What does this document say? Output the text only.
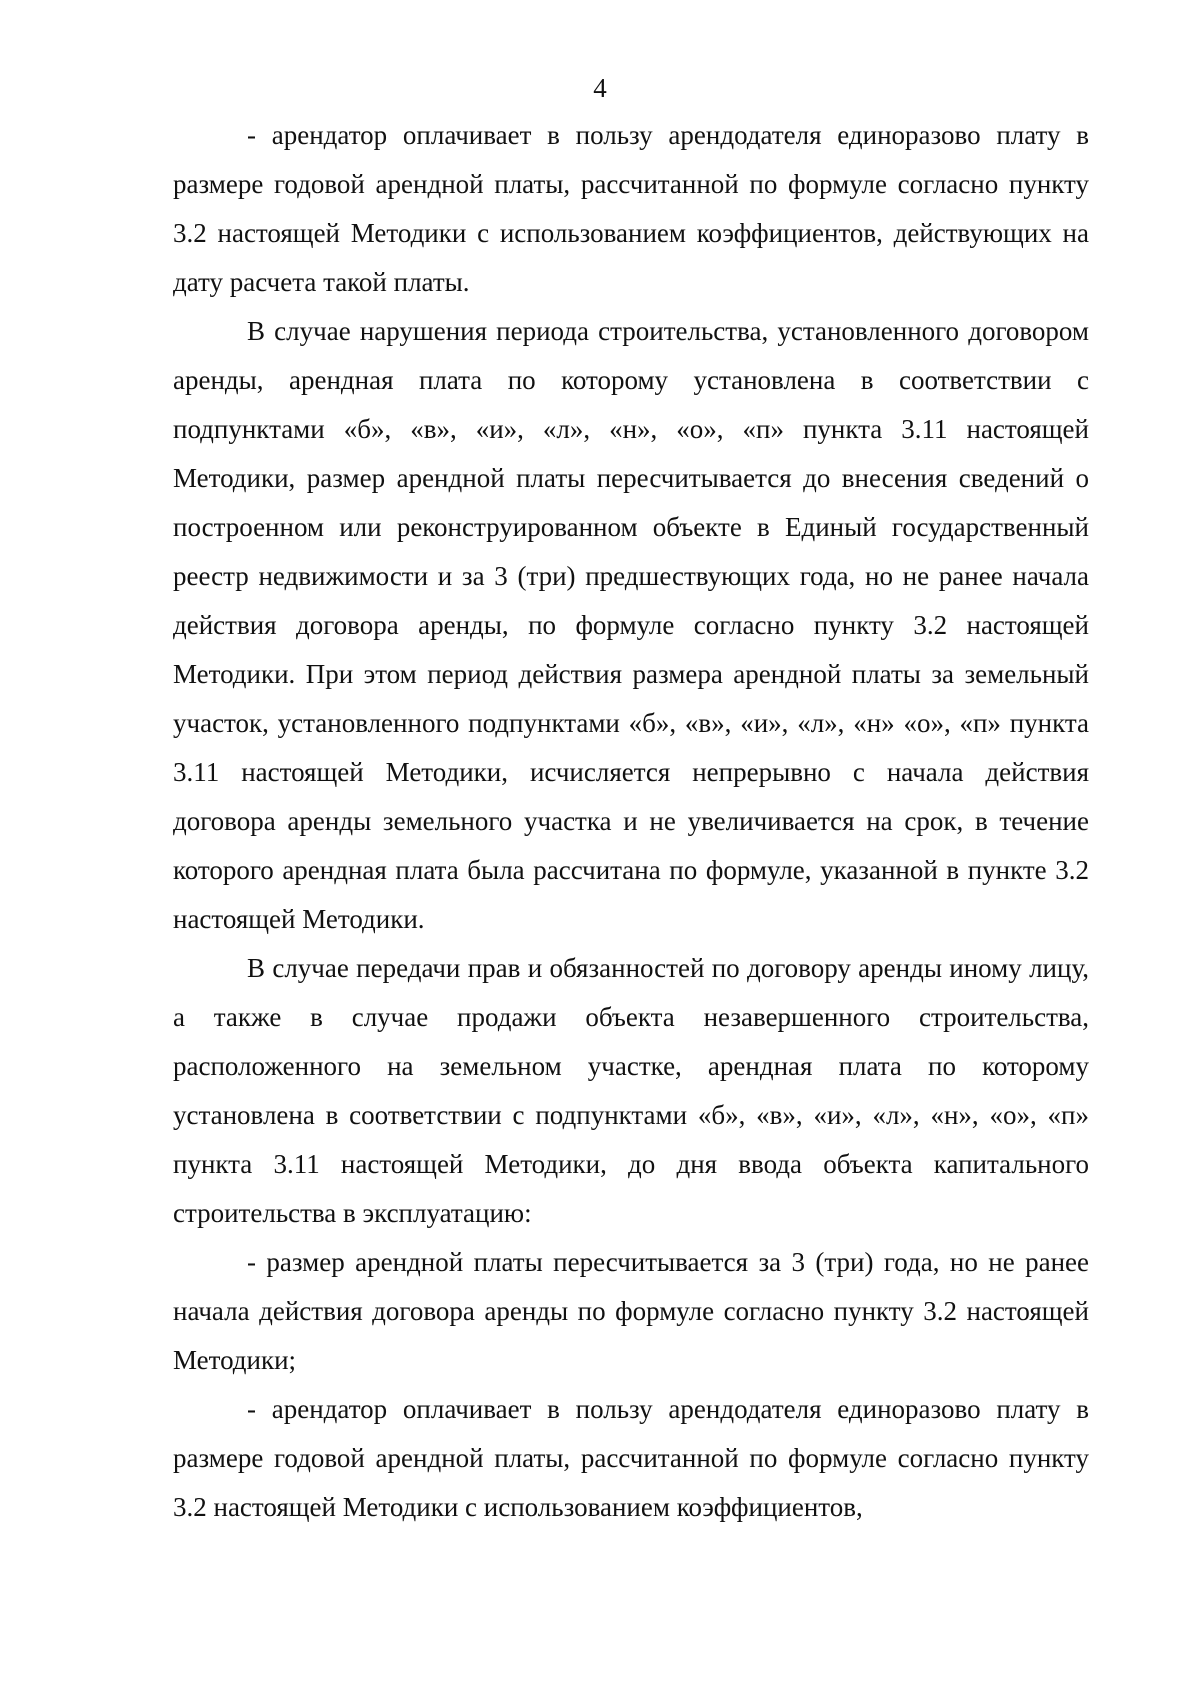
4

- арендатор оплачивает в пользу арендодателя единоразово плату в размере годовой арендной платы, рассчитанной по формуле согласно пункту 3.2 настоящей Методики с использованием коэффициентов, действующих на дату расчета такой платы.

В случае нарушения периода строительства, установленного договором аренды, арендная плата по которому установлена в соответствии с подпунктами «б», «в», «и», «л», «н», «о», «п» пункта 3.11 настоящей Методики, размер арендной платы пересчитывается до внесения сведений о построенном или реконструированном объекте в Единый государственный реестр недвижимости и за 3 (три) предшествующих года, но не ранее начала действия договора аренды, по формуле согласно пункту 3.2 настоящей Методики. При этом период действия размера арендной платы за земельный участок, установленного подпунктами «б», «в», «и», «л», «н» «о», «п» пункта 3.11 настоящей Методики, исчисляется непрерывно с начала действия договора аренды земельного участка и не увеличивается на срок, в течение которого арендная плата была рассчитана по формуле, указанной в пункте 3.2 настоящей Методики.

В случае передачи прав и обязанностей по договору аренды иному лицу, а также в случае продажи объекта незавершенного строительства, расположенного на земельном участке, арендная плата по которому установлена в соответствии с подпунктами «б», «в», «и», «л», «н», «о», «п» пункта 3.11 настоящей Методики, до дня ввода объекта капитального строительства в эксплуатацию:

- размер арендной платы пересчитывается за 3 (три) года, но не ранее начала действия договора аренды по формуле согласно пункту 3.2 настоящей Методики;

- арендатор оплачивает в пользу арендодателя единоразово плату в размере годовой арендной платы, рассчитанной по формуле согласно пункту 3.2 настоящей Методики с использованием коэффициентов,
